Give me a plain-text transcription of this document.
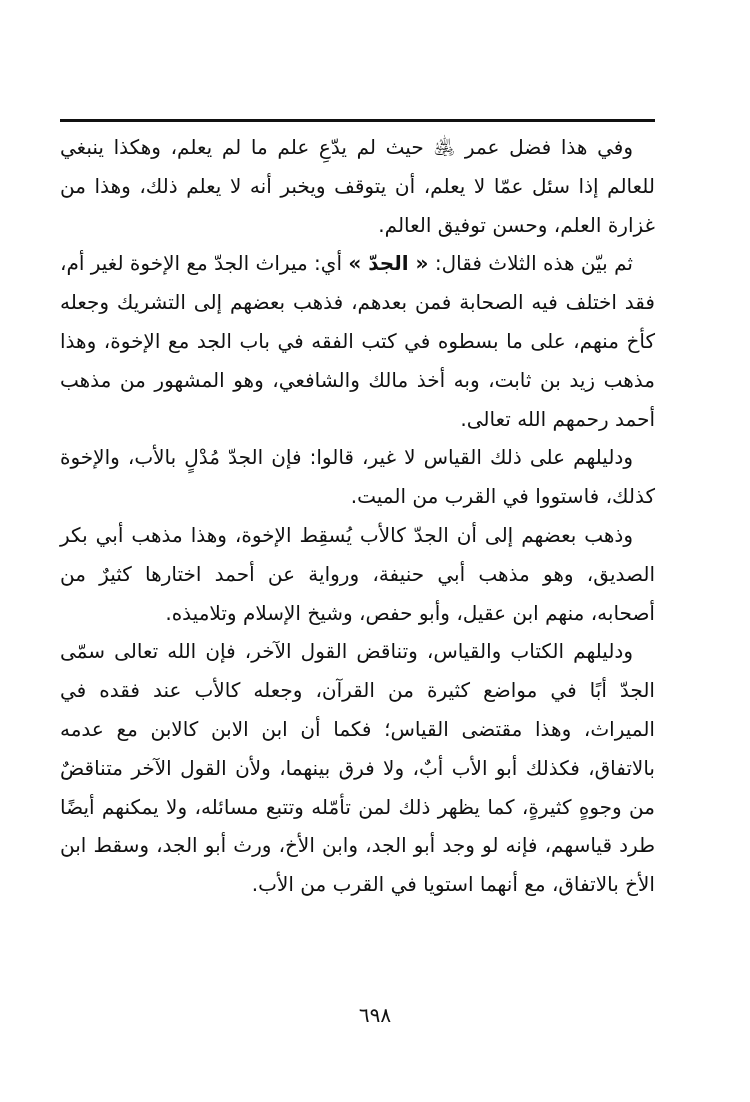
وفي هذا فضل عمر ﵁ حيث لم يدّعِ علم ما لم يعلم، وهكذا ينبغي للعالم إذا سئل عمّا لا يعلم، أن يتوقف ويخبر أنه لا يعلم ذلك، وهذا من غزارة العلم، وحسن توفيق العالم.

ثم بيّن هذه الثلاث فقال: « الجدّ » أي: ميراث الجدّ مع الإخوة لغير أم، فقد اختلف فيه الصحابة فمن بعدهم، فذهب بعضهم إلى التشريك وجعله كأخ منهم، على ما بسطوه في كتب الفقه في باب الجد مع الإخوة، وهذا مذهب زيد بن ثابت، وبه أخذ مالك والشافعي، وهو المشهور من مذهب أحمد رحمهم الله تعالى.

ودليلهم على ذلك القياس لا غير، قالوا: فإن الجدّ مُدْلٍ بالأب، والإخوة كذلك، فاستووا في القرب من الميت.

وذهب بعضهم إلى أن الجدّ كالأب يُسقِط الإخوة، وهذا مذهب أبي بكر الصديق، وهو مذهب أبي حنيفة، ورواية عن أحمد اختارها كثيرٌ من أصحابه، منهم ابن عقيل، وأبو حفص، وشيخ الإسلام وتلاميذه.

ودليلهم الكتاب والقياس، وتناقض القول الآخر، فإن الله تعالى سمّى الجدّ أبًا في مواضع كثيرة من القرآن، وجعله كالأب عند فقده في الميراث، وهذا مقتضى القياس؛ فكما أن ابن الابن كالابن مع عدمه بالاتفاق، فكذلك أبو الأب أبٌ، ولا فرق بينهما، ولأن القول الآخر متناقضٌ من وجوهٍ كثيرةٍ، كما يظهر ذلك لمن تأمّله وتتبع مسائله، ولا يمكنهم أيضًا طرد قياسهم، فإنه لو وجد أبو الجد، وابن الأخ، ورث أبو الجد، وسقط ابن الأخ بالاتفاق، مع أنهما استويا في القرب من الأب.

٦٩٨
